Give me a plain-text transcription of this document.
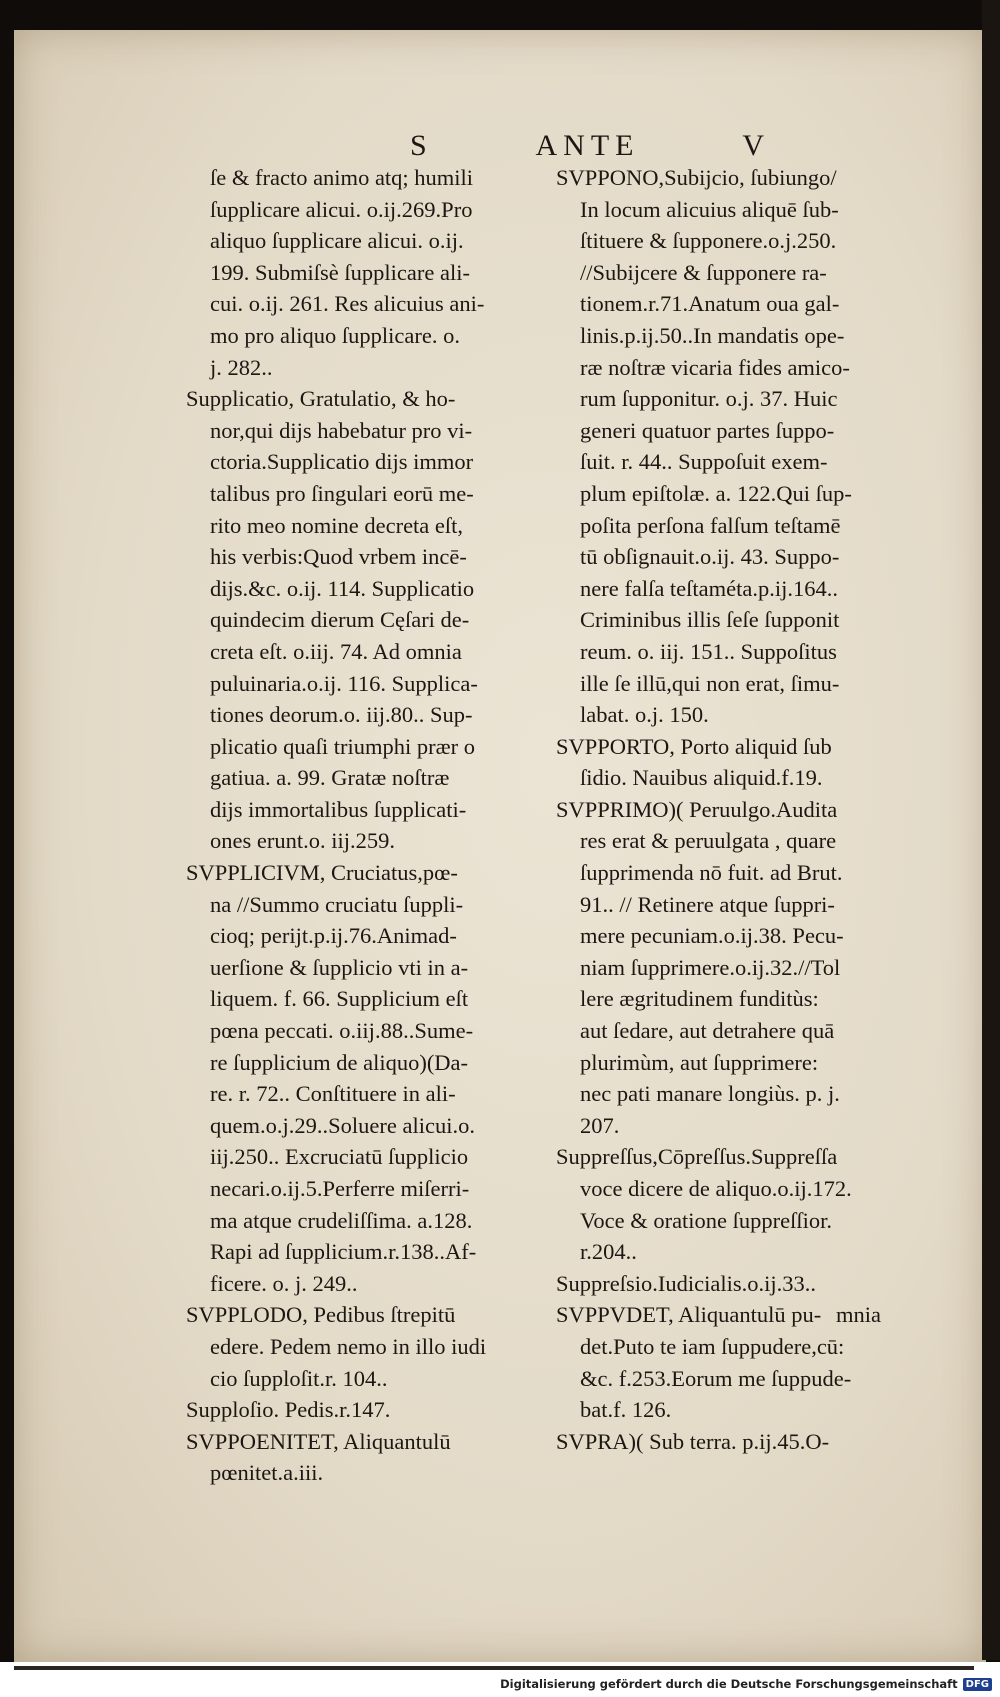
S	ANTE	V
ſe & fracto animo atq; humili
ſupplicare alicui. o.ij.269.Pro
aliquo ſupplicare alicui. o.ij.
199. Submiſsè ſupplicare ali-
cui. o.ij. 261. Res alicuius ani-
mo pro aliquo ſupplicare. o.
j. 282..
Supplicatio, Gratulatio, & ho-
nor,qui dijs habebatur pro vi-
ctoria.Supplicatio dijs immor
talibus pro ſingulari eorū me-
rito meo nomine decreta eſt,
his verbis:Quod vrbem incē-
dijs.&c. o.ij. 114. Supplicatio
quindecim dierum Cęſari de-
creta eſt. o.iij. 74. Ad omnia
puluinaria.o.ij. 116. Supplica-
tiones deorum.o. iij.80.. Sup-
plicatio quaſi triumphi prær o
gatiua. a. 99. Gratæ noſtræ
dijs immortalibus ſupplicati-
ones erunt.o. iij.259.
SVPPLICIVM, Cruciatus,pœ-
na //Summo cruciatu ſuppli-
cioq; perijt.p.ij.76.Animad-
uerſione & ſupplicio vti in a-
liquem. f. 66. Supplicium eſt
pœna peccati. o.iij.88..Sume-
re ſupplicium de aliquo)(Da-
re. r. 72.. Conſtituere in ali-
quem.o.j.29..Soluere alicui.o.
iij.250.. Excruciatū ſupplicio
necari.o.ij.5.Perferre miſerri-
ma atque crudeliſſima. a.128.
Rapi ad ſupplicium.r.138..Af-
ficere. o. j. 249..
SVPPLODO, Pedibus ſtrepitū
edere. Pedem nemo in illo iudi
cio ſupploſit.r. 104..
Supploſio. Pedis.r.147.
SVPPOENITET, Aliquantulū
pœnitet.a.iii.
SVPPONO,Subijcio, ſubiungo/
In locum alicuius aliquē ſub-
ſtituere & ſupponere.o.j.250.
//Subijcere & ſupponere ra-
tionem.r.71.Anatum oua gal-
linis.p.ij.50..In mandatis ope-
ræ noſtræ vicaria fides amico-
rum ſupponitur. o.j. 37. Huic
generi quatuor partes ſuppo-
ſuit. r. 44.. Suppoſuit exem-
plum epiſtolæ. a. 122.Qui ſup-
poſita perſona falſum teſtamē
tū obſignauit.o.ij. 43. Suppo-
nere falſa teſtaméta.p.ij.164..
Criminibus illis ſeſe ſupponit
reum. o. iij. 151.. Suppoſitus
ille ſe illū,qui non erat, ſimu-
labat. o.j. 150.
SVPPORTO, Porto aliquid ſub
ſidio. Nauibus aliquid.f.19.
SVPPRIMO)( Peruulgo.Audita
res erat & peruulgata , quare
ſupprimenda nō fuit. ad Brut.
91.. // Retinere atque ſuppri-
mere pecuniam.o.ij.38. Pecu-
niam ſupprimere.o.ij.32.//Tol
lere ægritudinem funditùs:
aut ſedare, aut detrahere quā
plurimùm, aut ſupprimere:
nec pati manare longiùs. p. j.
207.
Suppreſſus,Cōpreſſus.Suppreſſa
voce dicere de aliquo.o.ij.172.
Voce & oratione ſuppreſſior.
r.204..
Suppreſsio.Iudicialis.o.ij.33..
SVPPVDET, Aliquantulū pu-
det.Puto te iam ſuppudere,cū:
&c. f.253.Eorum me ſuppude-
bat.f. 126.
SVPRA)( Sub terra. p.ij.45.O-
mnia
Digitalisierung gefördert durch die Deutsche Forschungsgemeinschaft DFG
